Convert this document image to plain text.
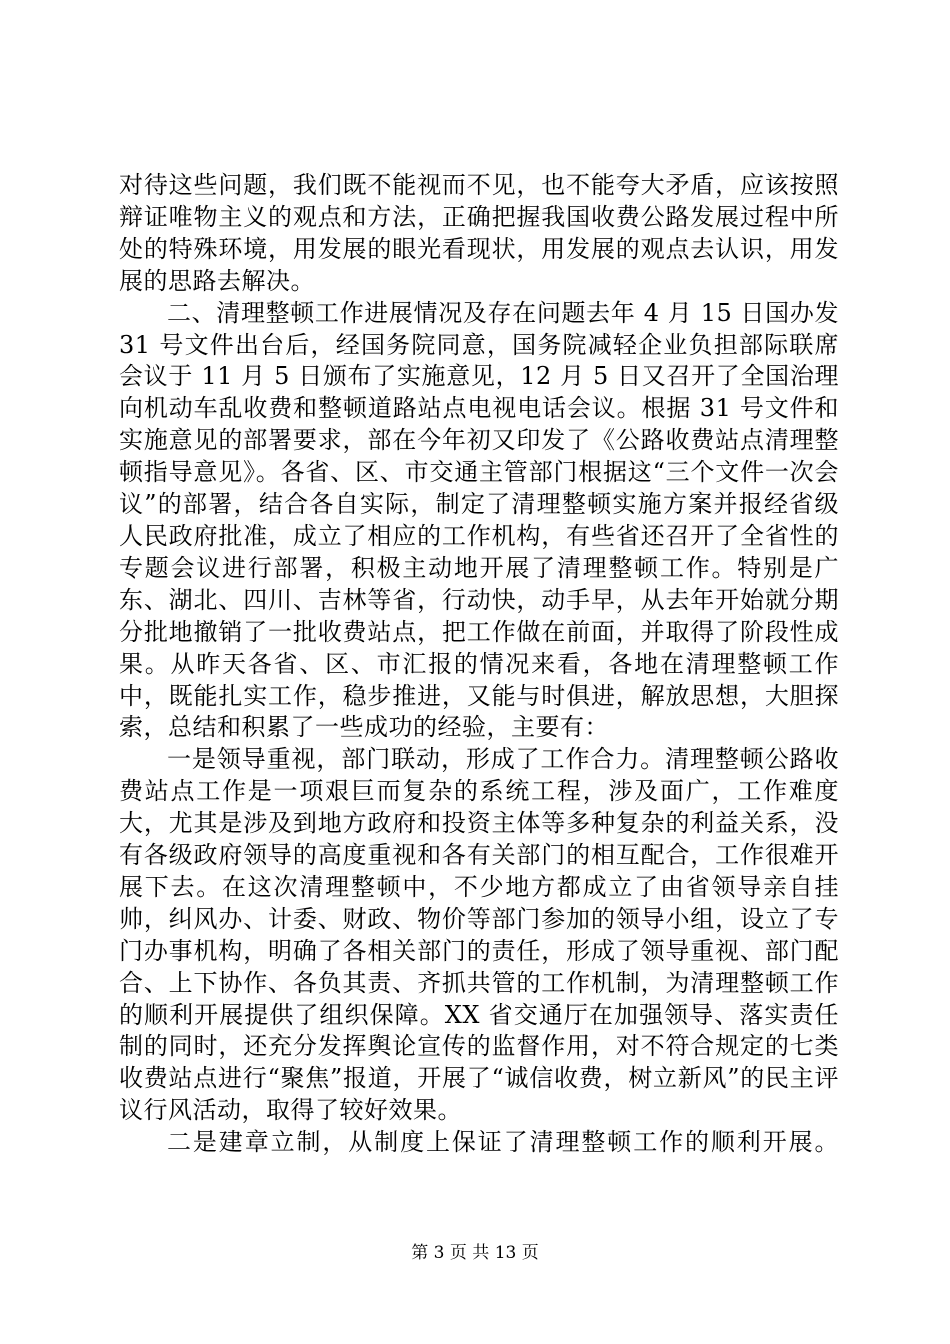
对待这些问题，我们既不能视而不见，也不能夸大矛盾，应该按照辩证唯物主义的观点和方法，正确把握我国收费公路发展过程中所处的特殊环境，用发展的眼光看现状，用发展的观点去认识，用发展的思路去解决。

二、清理整顿工作进展情况及存在问题去年 4 月 15 日国办发 31 号文件出台后，经国务院同意，国务院减轻企业负担部际联席会议于 11 月 5 日颁布了实施意见，12 月 5 日又召开了全国治理向机动车乱收费和整顿道路站点电视电话会议。根据 31 号文件和实施意见的部署要求，部在今年初又印发了《公路收费站点清理整顿指导意见》。各省、区、市交通主管部门根据这“三个文件一次会议”的部署，结合各自实际，制定了清理整顿实施方案并报经省级人民政府批准，成立了相应的工作机构，有些省还召开了全省性的专题会议进行部署，积极主动地开展了清理整顿工作。特别是广东、湖北、四川、吉林等省，行动快，动手早，从去年开始就分期分批地撤销了一批收费站点，把工作做在前面，并取得了阶段性成果。从昨天各省、区、市汇报的情况来看，各地在清理整顿工作中，既能扎实工作，稳步推进，又能与时俱进，解放思想，大胆探索，总结和积累了一些成功的经验，主要有：

一是领导重视，部门联动，形成了工作合力。清理整顿公路收费站点工作是一项艰巨而复杂的系统工程，涉及面广，工作难度大，尤其是涉及到地方政府和投资主体等多种复杂的利益关系，没有各级政府领导的高度重视和各有关部门的相互配合，工作很难开展下去。在这次清理整顿中，不少地方都成立了由省领导亲自挂帅，纠风办、计委、财政、物价等部门参加的领导小组，设立了专门办事机构，明确了各相关部门的责任，形成了领导重视、部门配合、上下协作、各负其责、齐抓共管的工作机制，为清理整顿工作的顺利开展提供了组织保障。XX 省交通厅在加强领导、落实责任制的同时，还充分发挥舆论宣传的监督作用，对不符合规定的七类收费站点进行“聚焦”报道，开展了“诚信收费，树立新风”的民主评议行风活动，取得了较好效果。

二是建章立制，从制度上保证了清理整顿工作的顺利开展。

第 3 页 共 13 页
